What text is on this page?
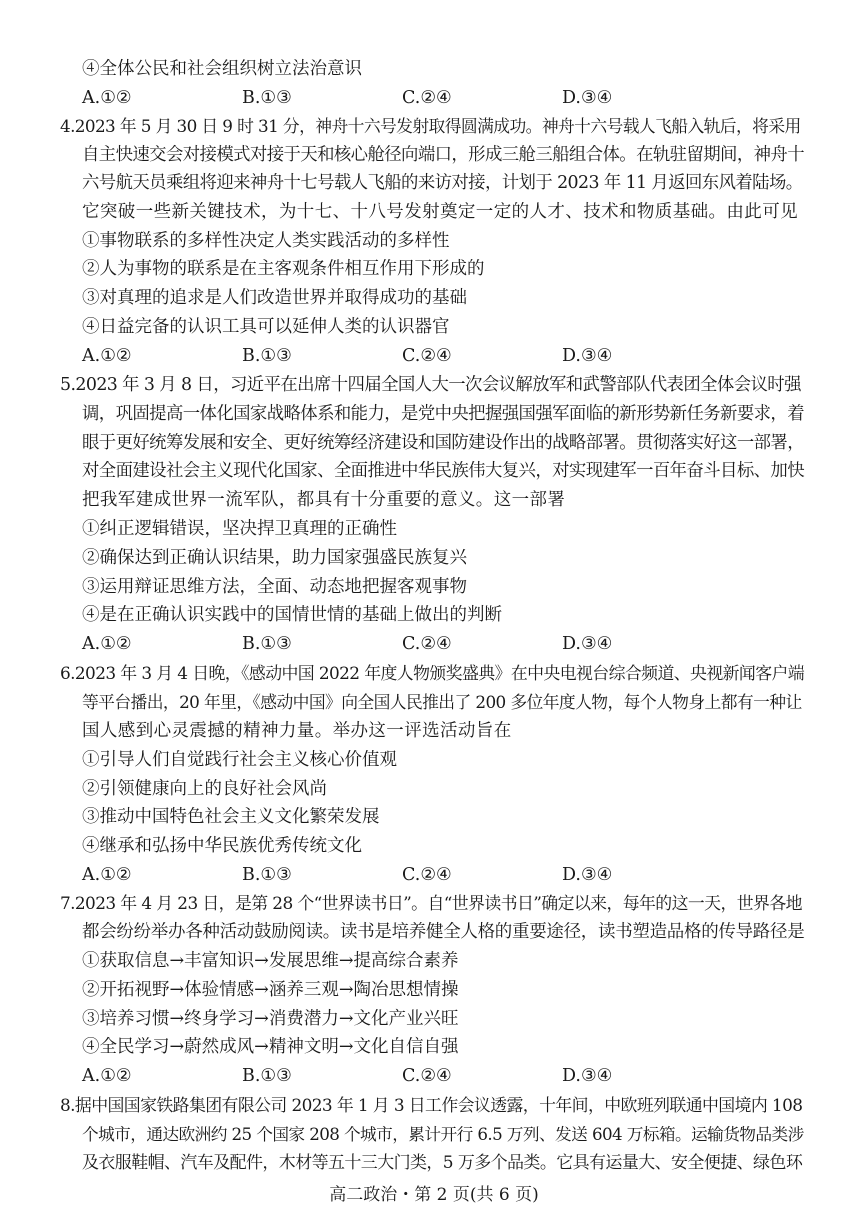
④全体公民和社会组织树立法治意识
A.①②	B.①③	C.②④	D.③④
4.2023 年 5 月 30 日 9 时 31 分，神舟十六号发射取得圆满成功。神舟十六号载人飞船入轨后，将采用
自主快速交会对接模式对接于天和核心舱径向端口，形成三舱三船组合体。在轨驻留期间，神舟十
六号航天员乘组将迎来神舟十七号载人飞船的来访对接，计划于 2023 年 11 月返回东风着陆场。
它突破一些新关键技术，为十七、十八号发射奠定一定的人才、技术和物质基础。由此可见
①事物联系的多样性决定人类实践活动的多样性
②人为事物的联系是在主客观条件相互作用下形成的
③对真理的追求是人们改造世界并取得成功的基础
④日益完备的认识工具可以延伸人类的认识器官
A.①②	B.①③	C.②④	D.③④
5.2023 年 3 月 8 日，习近平在出席十四届全国人大一次会议解放军和武警部队代表团全体会议时强
调，巩固提高一体化国家战略体系和能力，是党中央把握强国强军面临的新形势新任务新要求，着
眼于更好统筹发展和安全、更好统筹经济建设和国防建设作出的战略部署。贯彻落实好这一部署，
对全面建设社会主义现代化国家、全面推进中华民族伟大复兴，对实现建军一百年奋斗目标、加快
把我军建成世界一流军队，都具有十分重要的意义。这一部署
①纠正逻辑错误，坚决捍卫真理的正确性
②确保达到正确认识结果，助力国家强盛民族复兴
③运用辩证思维方法，全面、动态地把握客观事物
④是在正确认识实践中的国情世情的基础上做出的判断
A.①②	B.①③	C.②④	D.③④
6.2023 年 3 月 4 日晚，《感动中国 2022 年度人物颁奖盛典》在中央电视台综合频道、央视新闻客户端
等平台播出，20 年里，《感动中国》向全国人民推出了 200 多位年度人物，每个人物身上都有一种让
国人感到心灵震撼的精神力量。举办这一评选活动旨在
①引导人们自觉践行社会主义核心价值观
②引领健康向上的良好社会风尚
③推动中国特色社会主义文化繁荣发展
④继承和弘扬中华民族优秀传统文化
A.①②	B.①③	C.②④	D.③④
7.2023 年 4 月 23 日，是第 28 个“世界读书日”。自“世界读书日”确定以来，每年的这一天，世界各地
都会纷纷举办各种活动鼓励阅读。读书是培养健全人格的重要途径，读书塑造品格的传导路径是
①获取信息→丰富知识→发展思维→提高综合素养
②开拓视野→体验情感→涵养三观→陶冶思想情操
③培养习惯→终身学习→消费潜力→文化产业兴旺
④全民学习→蔚然成风→精神文明→文化自信自强
A.①②	B.①③	C.②④	D.③④
8.据中国国家铁路集团有限公司 2023 年 1 月 3 日工作会议透露，十年间，中欧班列联通中国境内 108
个城市，通达欧洲约 25 个国家 208 个城市，累计开行 6.5 万列、发送 604 万标箱。运输货物品类涉
及衣服鞋帽、汽车及配件，木材等五十三大门类，5 万多个品类。它具有运量大、安全便捷、绿色环
高二政治・第 2 页(共 6 页)
